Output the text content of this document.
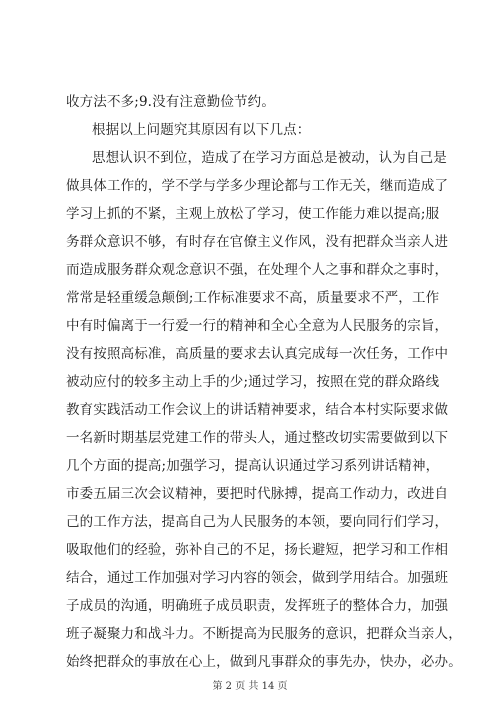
收方法不多;9.没有注意勤俭节约。
根据以上问题究其原因有以下几点：
思想认识不到位，造成了在学习方面总是被动，认为自己是
做具体工作的，学不学与学多少理论都与工作无关，继而造成了
学习上抓的不紧，主观上放松了学习，使工作能力难以提高;服
务群众意识不够，有时存在官僚主义作风，没有把群众当亲人进
而造成服务群众观念意识不强，在处理个人之事和群众之事时，
常常是轻重缓急颠倒;工作标准要求不高，质量要求不严，工作
中有时偏离于一行爱一行的精神和全心全意为人民服务的宗旨，
没有按照高标准，高质量的要求去认真完成每一次任务，工作中
被动应付的较多主动上手的少;通过学习，按照在党的群众路线
教育实践活动工作会议上的讲话精神要求，结合本村实际要求做
一名新时期基层党建工作的带头人，通过整改切实需要做到以下
几个方面的提高;加强学习，提高认识通过学习系列讲话精神，
市委五届三次会议精神，要把时代脉搏，提高工作动力，改进自
己的工作方法，提高自己为人民服务的本领，要向同行们学习，
吸取他们的经验，弥补自己的不足，扬长避短，把学习和工作相
结合，通过工作加强对学习内容的领会，做到学用结合。加强班
子成员的沟通，明确班子成员职责，发挥班子的整体合力，加强
班子凝聚力和战斗力。不断提高为民服务的意识，把群众当亲人，
始终把群众的事放在心上，做到凡事群众的事先办，快办，必办。
第 2 页 共 14 页
